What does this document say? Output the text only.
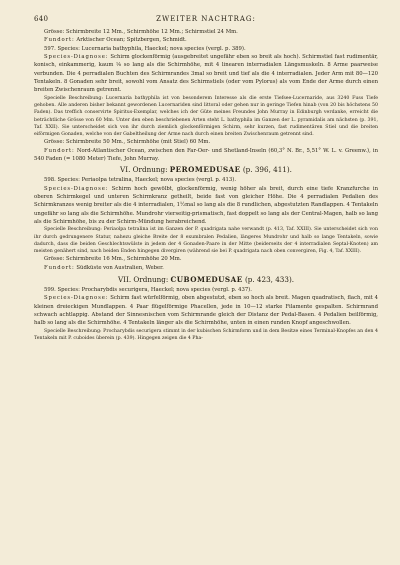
640	ZWEITER NACHTRAG:

Grösse: Schirmbreite 12 Mm., Schirmhöhe 12 Mm.; Schirmstiel 24 Mm.

Fundort: Arktischer Ocean; Spitzbergen, Schmidt.

597. Species: Lucernaria bathyphila, Haeckel; nova species (vergl. p. 389).

Species-Diagnose: Schirm glockenförmig (ausgebreitet ungefähr eben so breit als hoch). Schirmstiel fast rudimentär, konisch, einkammerig, kaum ⅛ so lang als die Schirmhöhe, mit 4 linearen interradialen Längsmuskeln. 8 Arme paarweise verbunden. Die 4 perradialen Buchten des Schirmrandes 3mal so breit und tief als die 4 interradialen. Jeder Arm mit 80—120 Tentakeln. 8 Gonaden sehr breit, sowohl vom Ansatz des Schirmstiels (oder vom Pylorus) als vom Ende der Arme durch einen breiten Zwischenraum getrennt.

Specielle Beschreibung: Lucernaria bathyphila ist von besonderem Interesse als die erste Tiefsee-Lucernaride, aus 3240 Fuss Tiefe gehoben. Alle anderen bisher bekannt gewordenen Lucernariden sind littoral oder gehen nur in geringe Tiefen hinab (von 20 bis höchstens 50 Faden). Das treffich conservirte Spiritus-Exemplar, welches ich der Güte meines Freundes John Murray in Edinburgh verdanke, erreicht die beträchtliche Grösse von 60 Mm. Unter den eben beschriebenen Arten steht L. bathyphila im Ganzen der L. pyramidalis am nächsten (p. 391, Taf. XXII). Sie unterscheidet sich von ihr durch ziemlich glockenförmigen Schirm, sehr kurzen, fast rudimentären Stiel und die breiten eiförmigen Gonaden, welche von der Gabeltheilung der Arme nach durch einen breiten Zwischenraum getrennt sind.

Grösse: Schirmbreite 50 Mm., Schirmhöhe (mit Stiel) 60 Mm.

Fundort: Nord-Atlantischer Ocean, zwischen den Far-Oer- und Shetland-Inseln (60,3° N. Br., 5,51° W. L. v. Greenw.), in 540 Faden (= 1080 Meter) Tiefe, John Murray.

VI. Ordnung: PEROMEDUSAE (p. 396, 411).

598. Species: Periaolpa tetralina, Haeckel; nova species (vergl. p. 413).

Species-Diagnose: Schirm hoch gewölbt, glockenförmig, wenig höher als breit, durch eine tiefe Kranzfurche in oberen Schirmkegel und unteren Schirmkranz getheilt, beide fast von gleicher Höhe. Die 4 perradialen Pedalien des Schirmkranzes wenig breiter als die 4 interradialen, 1½mal so lang als die 8 rundlichen, abgestutzten Randlappen. 4 Tentakeln ungefähr so lang als die Schirmhöhe. Mundrohr vierseitig-prismatisch, fast doppelt so lang als der Central-Magen, halb so lang als die Schirmhöhe, bis zu der Schirm-Mündung herabreichend.

Specielle Beschreibung: Periaolpa tetralina ist im Ganzen der P. quadrigata nahe verwandt (p. 413, Taf. XXIII). Sie unterscheidet sich von ihr durch gedrungenere Statur, nahezu gleiche Breite der 8 exumbralen Pedalien, längeres Mundrohr und halb so lange Tentakeln, sowie dadurch, dass die beiden Geschlechtswülste in jedem der 4 Gonaden-Paare in der Mitte (beiderseits der 4 interradialen Septal-Knoten) am meisten genähert sind, nach beiden Enden hingegen divergiren (während sie bei P. quadrigata nach oben convergiren, Fig. 4, Taf. XXIII).

Grösse: Schirmbreite 16 Mm., Schirmhöhe 20 Mm.

Fundort: Südküste von Australien, Weber.

VII. Ordnung: CUBOMEDUSAE (p. 423, 433).

599. Species: Procharybdis securigera, Haeckel; nova species (vergl. p. 437).

Species-Diagnose: Schirm fast würfelförmig, oben abgestutzt, eben so hoch als breit. Magen quadratisch, flach, mit 4 kleinen dreieckigen Mundlappen. 4 Paar flügelförmige Phacellen, jede in 10—12 starke Filamente gespalten. Schirmrand schwach achtlappig. Abstand der Sinnesnischen vom Schirmrande gleich der Distanz der Pedal-Basen. 4 Pedalien beilförmig, halb so lang als die Schirmhöhe. 4 Tentakeln länger als die Schirmhöhe, unten in einen runden Knopf angeschwollen.

Specielle Beschreibung: Procharybdis securigera stimmt in der kubischen Schirmform und in dem Besitze eines Terminal-Knopfes an den 4 Tentakeln mit P. cuboides überein (p. 439). Hingegen zeigen die 4 Pha-
